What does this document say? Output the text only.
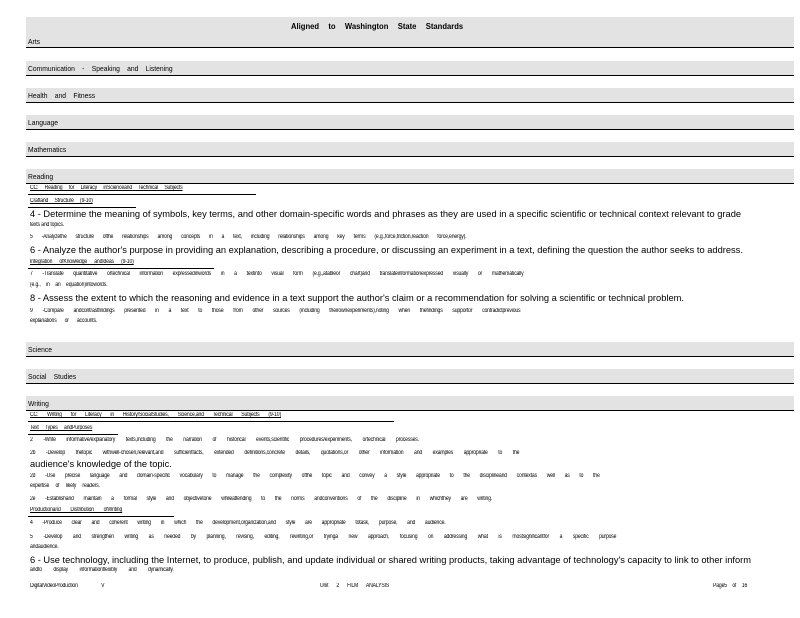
Aligned to Washington State Standards
Arts
Communication - Speaking and Listening
Health and Fitness
Language
Mathematics
Reading
CC: Reading for Literacy inScienceand Technical Subjects
Craftand Structure (9-10)
4 - Determine the meaning of symbols, key terms, and other domain-specific words and phrases as they are used in a specific scientific or technical context relevant to grade
texts and topics.
5 -Analyzethe structure ofthe relationships among concepts in a text, including relationships among key terms (e.g.,force,friction,reaction force,energy).
6 - Analyze the author's purpose in providing an explanation, describing a procedure, or discussing an experiment in a text, defining the question the author seeks to address.
Integration ofKnowledge andIdeas (9-10)
7 -Translate quantitative ortechnical information expressedinwords in a textinto visual form (e.g.,atableor chart)and translateinformationexpressed visually or mathematically
(e.g., in an equation)intowords.
8 - Assess the extent to which the reasoning and evidence in a text support the author's claim or a recommendation for solving a scientific or technical problem.
9 -Compare andcontrastfindings presented in a text to those from other sources (including theirownexperiments),noting when thefindings supportor contradictprevious
explanations or accounts.
Science
Social Studies
Writing
CC: Writing for Literacy in History/SocialStudies, Science,and Technical Subjects (9-10)
Text Types andPurposes
2 -Write informative/explanatory texts,including the narration of historical events,scientific procedures/experiments, ortechnical processes.
2b -Develop thetopic withwell-chosen,relevant,and sufficientfacts, extended definitions,concrete details, quotations,or other information and examples appropriate to the
audience's knowledge of the topic.
2d -Use precise language and domain-specific vocabulary to manage the complexity ofthe topic and convey a style appropriate to the disciplineand contextas well as to the
expertise of likely readers.
2e -Establishand maintain a formal style and objectivetone whileattending to the norms andconventions of the discipline in whichthey are writing.
Productionand Distribution ofWriting
4 -Produce clear and coherent writing in which the development,organization,and style are appropriate totask, purpose, and audience.
5 -Develop and strengthen writing as needed by planning, revising, editing, rewriting,or tryinga new approach, focusing on addressing what is mostsignificantfor a specific purpose
andaudience.
6 - Use technology, including the Internet, to produce, publish, and update individual or shared writing products, taking advantage of technology's capacity to link to other inform
andto display informationflexibly and dynamically.
DigitalVideoProduction V	Unit 2 FILM ANALYSIS	Page5 of 16
